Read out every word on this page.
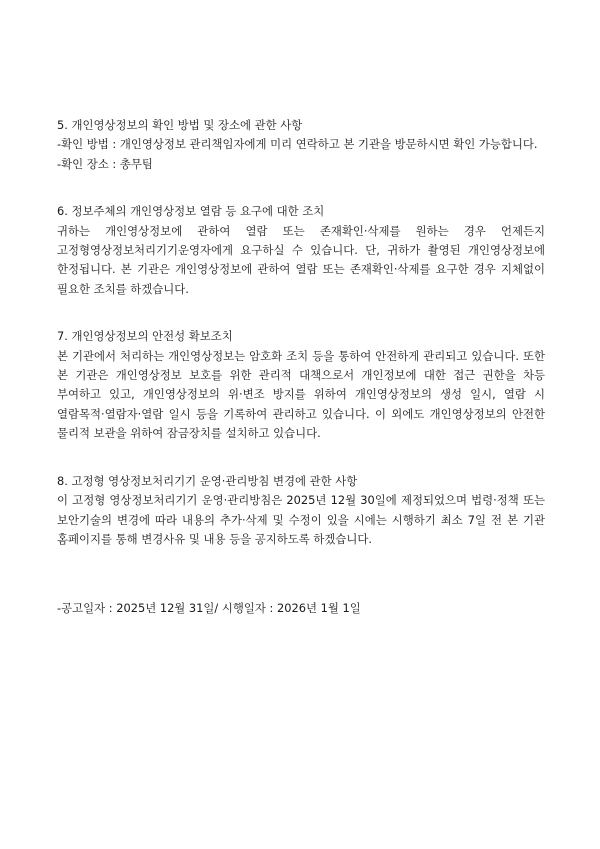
5. 개인영상정보의 확인 방법 및 장소에 관한 사항

-확인 방법 : 개인영상정보 관리책임자에게 미리 연락하고 본 기관을 방문하시면 확인 가능합니다.

-확인 장소 : 총무팀

6. 정보주체의 개인영상정보 열람 등 요구에 대한 조치

귀하는 개인영상정보에 관하여 열람 또는 존재확인·삭제를 원하는 경우 언제든지 고정형영상정보처리기기운영자에게 요구하실 수 있습니다. 단, 귀하가 촬영된 개인영상정보에 한정됩니다. 본 기관은 개인영상정보에 관하여 열람 또는 존재확인·삭제를 요구한 경우 지체없이 필요한 조치를 하겠습니다.

7. 개인영상정보의 안전성 확보조치

본 기관에서 처리하는 개인영상정보는 암호화 조치 등을 통하여 안전하게 관리되고 있습니다. 또한 본 기관은 개인영상정보 보호를 위한 관리적 대책으로서 개인정보에 대한 접근 권한을 차등 부여하고 있고, 개인영상정보의 위·변조 방지를 위하여 개인영상정보의 생성 일시, 열람 시 열람목적·열람자·열람 일시 등을 기록하여 관리하고 있습니다. 이 외에도 개인영상정보의 안전한 물리적 보관을 위하여 잠금장치를 설치하고 있습니다.

8. 고정형 영상정보처리기기 운영·관리방침 변경에 관한 사항

이 고정형 영상정보처리기기 운영·관리방침은 2025년 12월 30일에 제정되었으며 법령·정책 또는 보안기술의 변경에 따라 내용의 추가·삭제 및 수정이 있을 시에는 시행하기 최소 7일 전 본 기관 홈페이지를 통해 변경사유 및 내용 등을 공지하도록 하겠습니다.

-공고일자 : 2025년 12월 31일/ 시행일자 : 2026년 1월 1일
